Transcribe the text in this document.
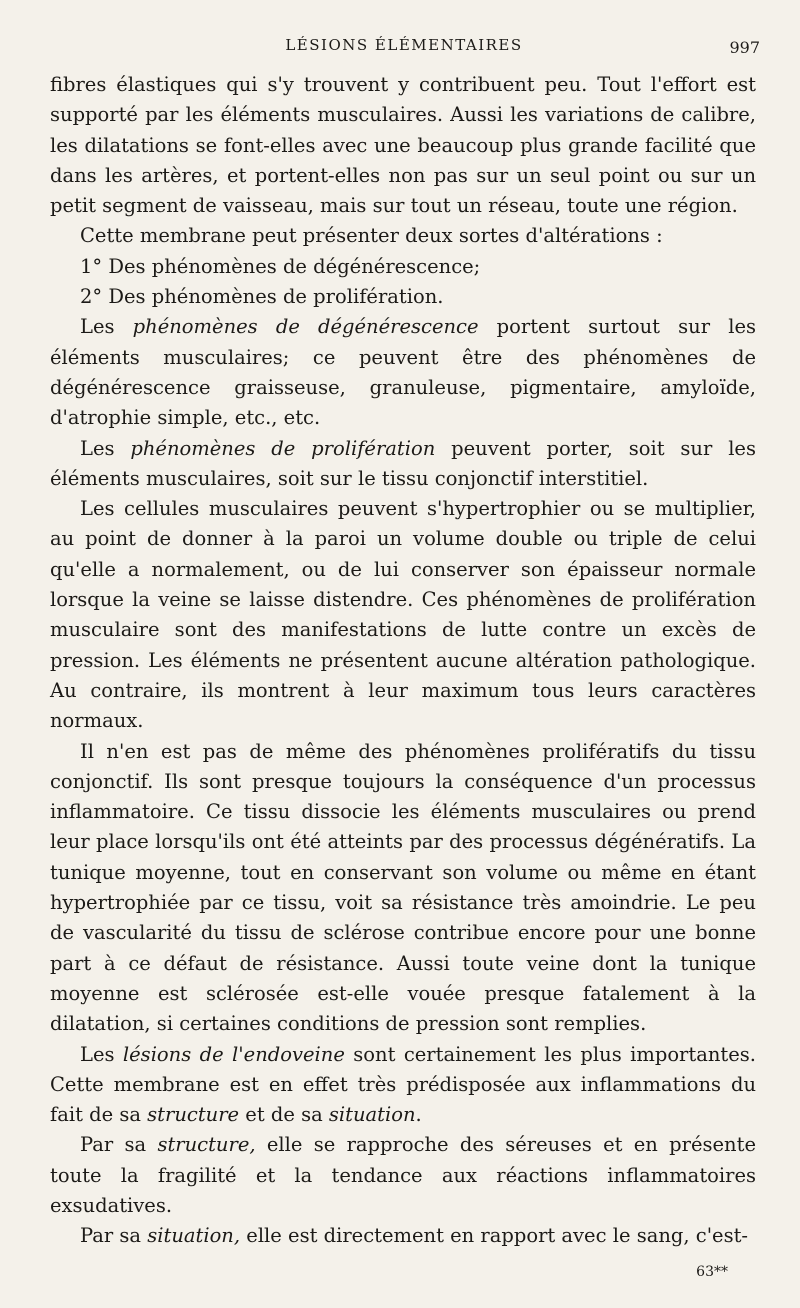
LÉSIONS ÉLÉMENTAIRES	997

fibres élastiques qui s'y trouvent y contribuent peu. Tout l'effort est supporté par les éléments musculaires. Aussi les variations de calibre, les dilatations se font-elles avec une beaucoup plus grande facilité que dans les artères, et portent-elles non pas sur un seul point ou sur un petit segment de vaisseau, mais sur tout un réseau, toute une région.

Cette membrane peut présenter deux sortes d'altérations :

1° Des phénomènes de dégénérescence;

2° Des phénomènes de prolifération.

Les phénomènes de dégénérescence portent surtout sur les éléments musculaires; ce peuvent être des phénomènes de dégénérescence graisseuse, granuleuse, pigmentaire, amyloïde, d'atrophie simple, etc., etc.

Les phénomènes de prolifération peuvent porter, soit sur les éléments musculaires, soit sur le tissu conjonctif interstitiel.

Les cellules musculaires peuvent s'hypertrophier ou se multiplier, au point de donner à la paroi un volume double ou triple de celui qu'elle a normalement, ou de lui conserver son épaisseur normale lorsque la veine se laisse distendre. Ces phénomènes de prolifération musculaire sont des manifestations de lutte contre un excès de pression. Les éléments ne présentent aucune altération pathologique. Au contraire, ils montrent à leur maximum tous leurs caractères normaux.

Il n'en est pas de même des phénomènes prolifératifs du tissu conjonctif. Ils sont presque toujours la conséquence d'un processus inflammatoire. Ce tissu dissocie les éléments musculaires ou prend leur place lorsqu'ils ont été atteints par des processus dégénératifs. La tunique moyenne, tout en conservant son volume ou même en étant hypertrophiée par ce tissu, voit sa résistance très amoindrie. Le peu de vascularité du tissu de sclérose contribue encore pour une bonne part à ce défaut de résistance. Aussi toute veine dont la tunique moyenne est sclérosée est-elle vouée presque fatalement à la dilatation, si certaines conditions de pression sont remplies.

Les lésions de l'endoveine sont certainement les plus importantes. Cette membrane est en effet très prédisposée aux inflammations du fait de sa structure et de sa situation.

Par sa structure, elle se rapproche des séreuses et en présente toute la fragilité et la tendance aux réactions inflammatoires exsudatives.

Par sa situation, elle est directement en rapport avec le sang, c'est-

63**
